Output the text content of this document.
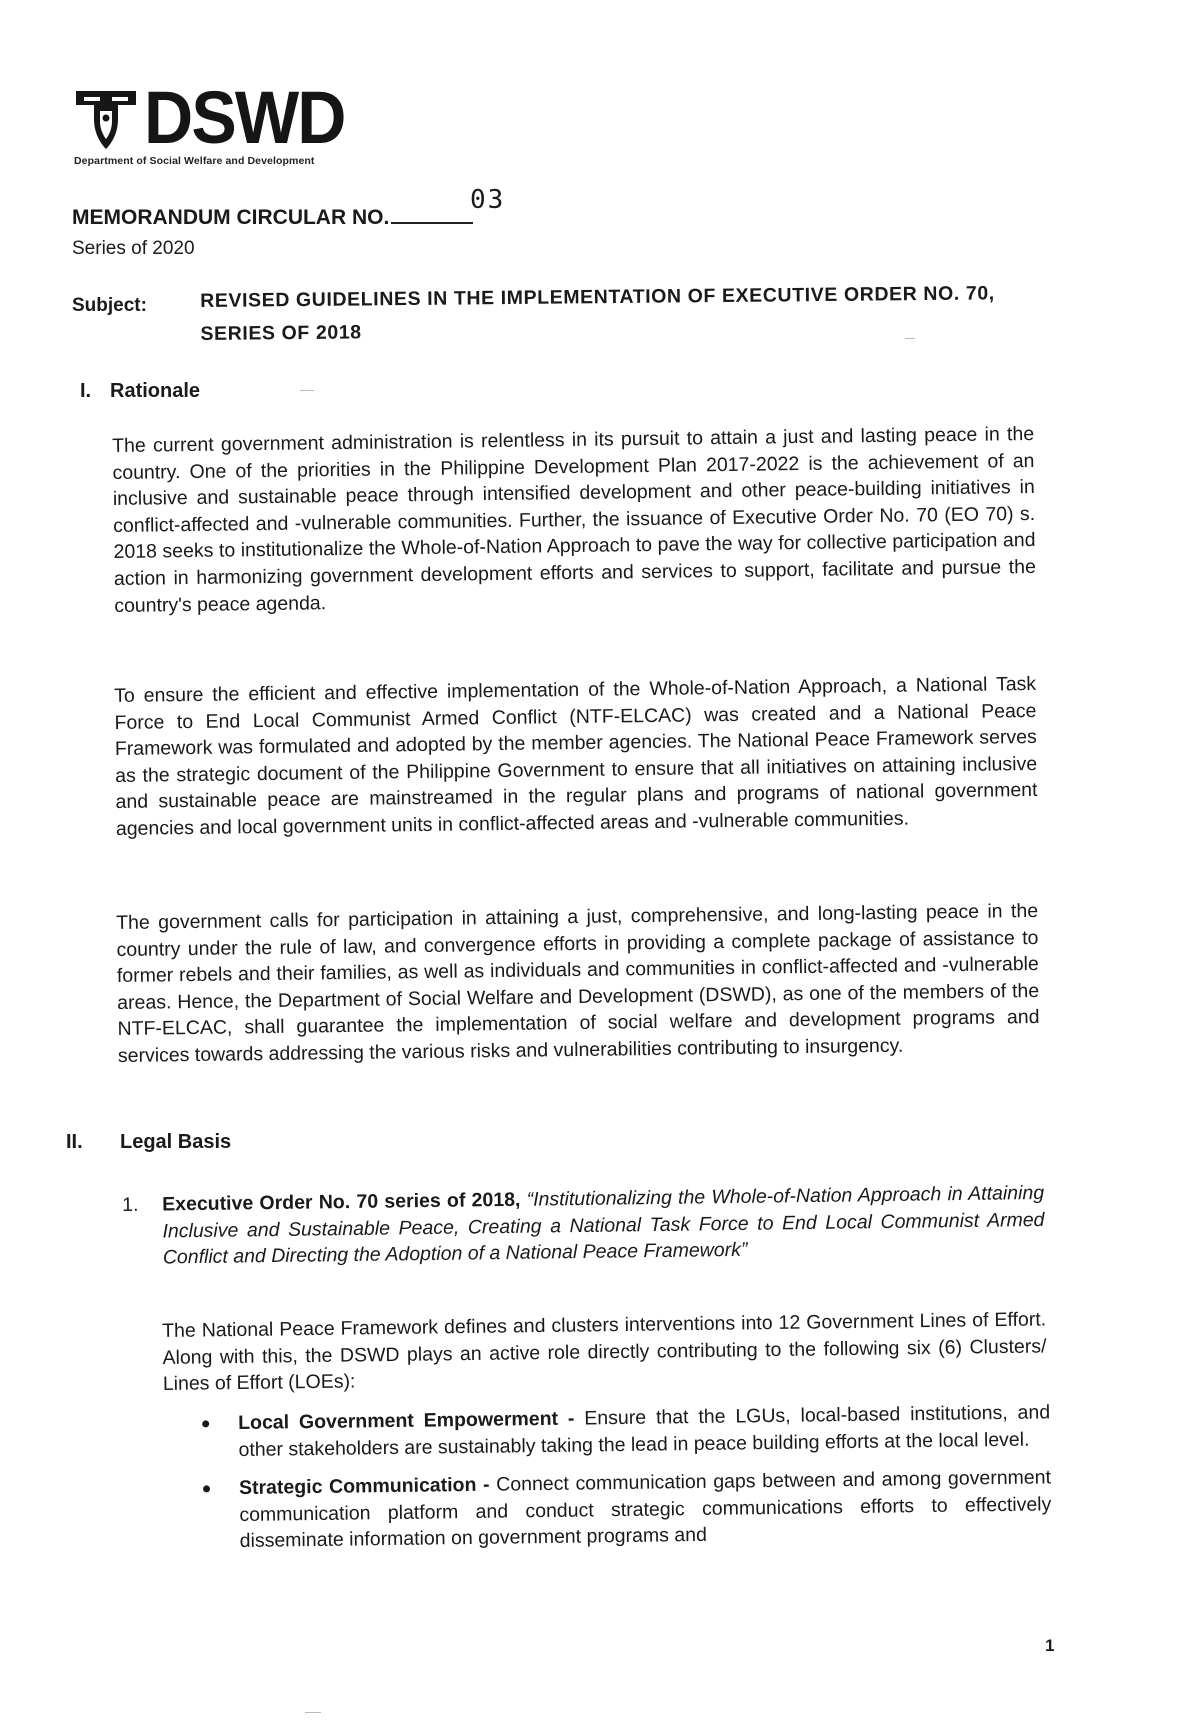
DSWD
Department of Social Welfare and Development
MEMORANDUM CIRCULAR NO.
03
Series of 2020
Subject:	REVISED GUIDELINES IN THE IMPLEMENTATION OF EXECUTIVE ORDER NO. 70, SERIES OF 2018
I. Rationale
The current government administration is relentless in its pursuit to attain a just and lasting peace in the country. One of the priorities in the Philippine Development Plan 2017-2022 is the achievement of an inclusive and sustainable peace through intensified development and other peace-building initiatives in conflict-affected and -vulnerable communities. Further, the issuance of Executive Order No. 70 (EO 70) s. 2018 seeks to institutionalize the Whole-of-Nation Approach to pave the way for collective participation and action in harmonizing government development efforts and services to support, facilitate and pursue the country's peace agenda.
To ensure the efficient and effective implementation of the Whole-of-Nation Approach, a National Task Force to End Local Communist Armed Conflict (NTF-ELCAC) was created and a National Peace Framework was formulated and adopted by the member agencies. The National Peace Framework serves as the strategic document of the Philippine Government to ensure that all initiatives on attaining inclusive and sustainable peace are mainstreamed in the regular plans and programs of national government agencies and local government units in conflict-affected areas and -vulnerable communities.
The government calls for participation in attaining a just, comprehensive, and long-lasting peace in the country under the rule of law, and convergence efforts in providing a complete package of assistance to former rebels and their families, as well as individuals and communities in conflict-affected and -vulnerable areas. Hence, the Department of Social Welfare and Development (DSWD), as one of the members of the NTF-ELCAC, shall guarantee the implementation of social welfare and development programs and services towards addressing the various risks and vulnerabilities contributing to insurgency.
II. Legal Basis
1. Executive Order No. 70 series of 2018, “Institutionalizing the Whole-of-Nation Approach in Attaining Inclusive and Sustainable Peace, Creating a National Task Force to End Local Communist Armed Conflict and Directing the Adoption of a National Peace Framework”
The National Peace Framework defines and clusters interventions into 12 Government Lines of Effort. Along with this, the DSWD plays an active role directly contributing to the following six (6) Clusters/ Lines of Effort (LOEs):
Local Government Empowerment - Ensure that the LGUs, local-based institutions, and other stakeholders are sustainably taking the lead in peace building efforts at the local level.
Strategic Communication - Connect communication gaps between and among government communication platform and conduct strategic communications efforts to effectively disseminate information on government programs and
1
